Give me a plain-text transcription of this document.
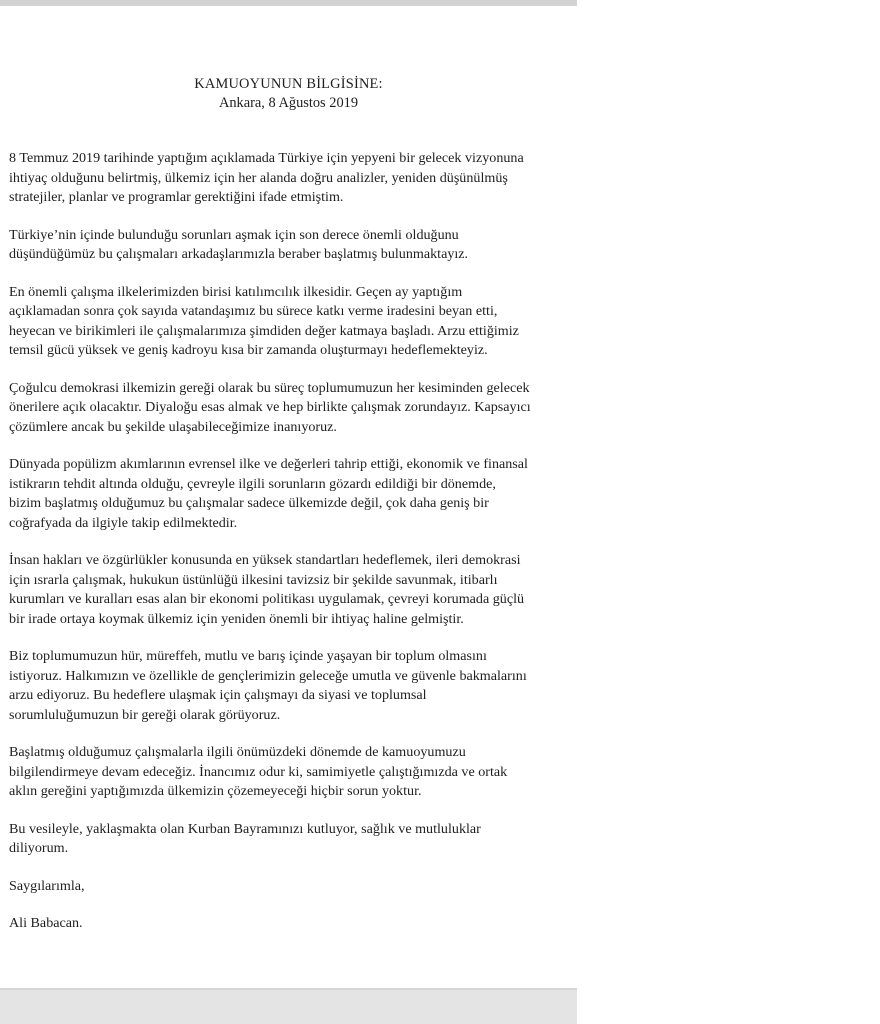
KAMUOYUNUN BİLGİSİNE:
Ankara, 8 Ağustos 2019

8 Temmuz 2019 tarihinde yaptığım açıklamada Türkiye için yepyeni bir gelecek vizyonuna
ihtiyaç olduğunu belirtmiş, ülkemiz için her alanda doğru analizler, yeniden düşünülmüş
stratejiler, planlar ve programlar gerektiğini ifade etmiştim.

Türkiye’nin içinde bulunduğu sorunları aşmak için son derece önemli olduğunu
düşündüğümüz bu çalışmaları arkadaşlarımızla beraber başlatmış bulunmaktayız.

En önemli çalışma ilkelerimizden birisi katılımcılık ilkesidir. Geçen ay yaptığım
açıklamadan sonra çok sayıda vatandaşımız bu sürece katkı verme iradesini beyan etti,
heyecan ve birikimleri ile çalışmalarımıza şimdiden değer katmaya başladı. Arzu ettiğimiz
temsil gücü yüksek ve geniş kadroyu kısa bir zamanda oluşturmayı hedeflemekteyiz.

Çoğulcu demokrasi ilkemizin gereği olarak bu süreç toplumumuzun her kesiminden gelecek
önerilere açık olacaktır. Diyaloğu esas almak ve hep birlikte çalışmak zorundayız. Kapsayıcı
çözümlere ancak bu şekilde ulaşabileceğimize inanıyoruz.

Dünyada popülizm akımlarının evrensel ilke ve değerleri tahrip ettiği, ekonomik ve finansal
istikrarın tehdit altında olduğu, çevreyle ilgili sorunların gözardı edildiği bir dönemde,
bizim başlatmış olduğumuz bu çalışmalar sadece ülkemizde değil, çok daha geniş bir
coğrafyada da ilgiyle takip edilmektedir.

İnsan hakları ve özgürlükler konusunda en yüksek standartları hedeflemek, ileri demokrasi
için ısrarla çalışmak, hukukun üstünlüğü ilkesini tavizsiz bir şekilde savunmak, itibarlı
kurumları ve kuralları esas alan bir ekonomi politikası uygulamak, çevreyi korumada güçlü
bir irade ortaya koymak ülkemiz için yeniden önemli bir ihtiyaç haline gelmiştir.

Biz toplumumuzun hür, müreffeh, mutlu ve barış içinde yaşayan bir toplum olmasını
istiyoruz. Halkımızın ve özellikle de gençlerimizin geleceğe umutla ve güvenle bakmalarını
arzu ediyoruz. Bu hedeflere ulaşmak için çalışmayı da siyasi ve toplumsal
sorumluluğumuzun bir gereği olarak görüyoruz.

Başlatmış olduğumuz çalışmalarla ilgili önümüzdeki dönemde de kamuoyumuzu
bilgilendirmeye devam edeceğiz. İnancımız odur ki, samimiyetle çalıştığımızda ve ortak
aklın gereğini yaptığımızda ülkemizin çözemeyeceği hiçbir sorun yoktur.

Bu vesileyle, yaklaşmakta olan Kurban Bayramınızı kutluyor, sağlık ve mutluluklar
diliyorum.

Saygılarımla,

Ali Babacan.
